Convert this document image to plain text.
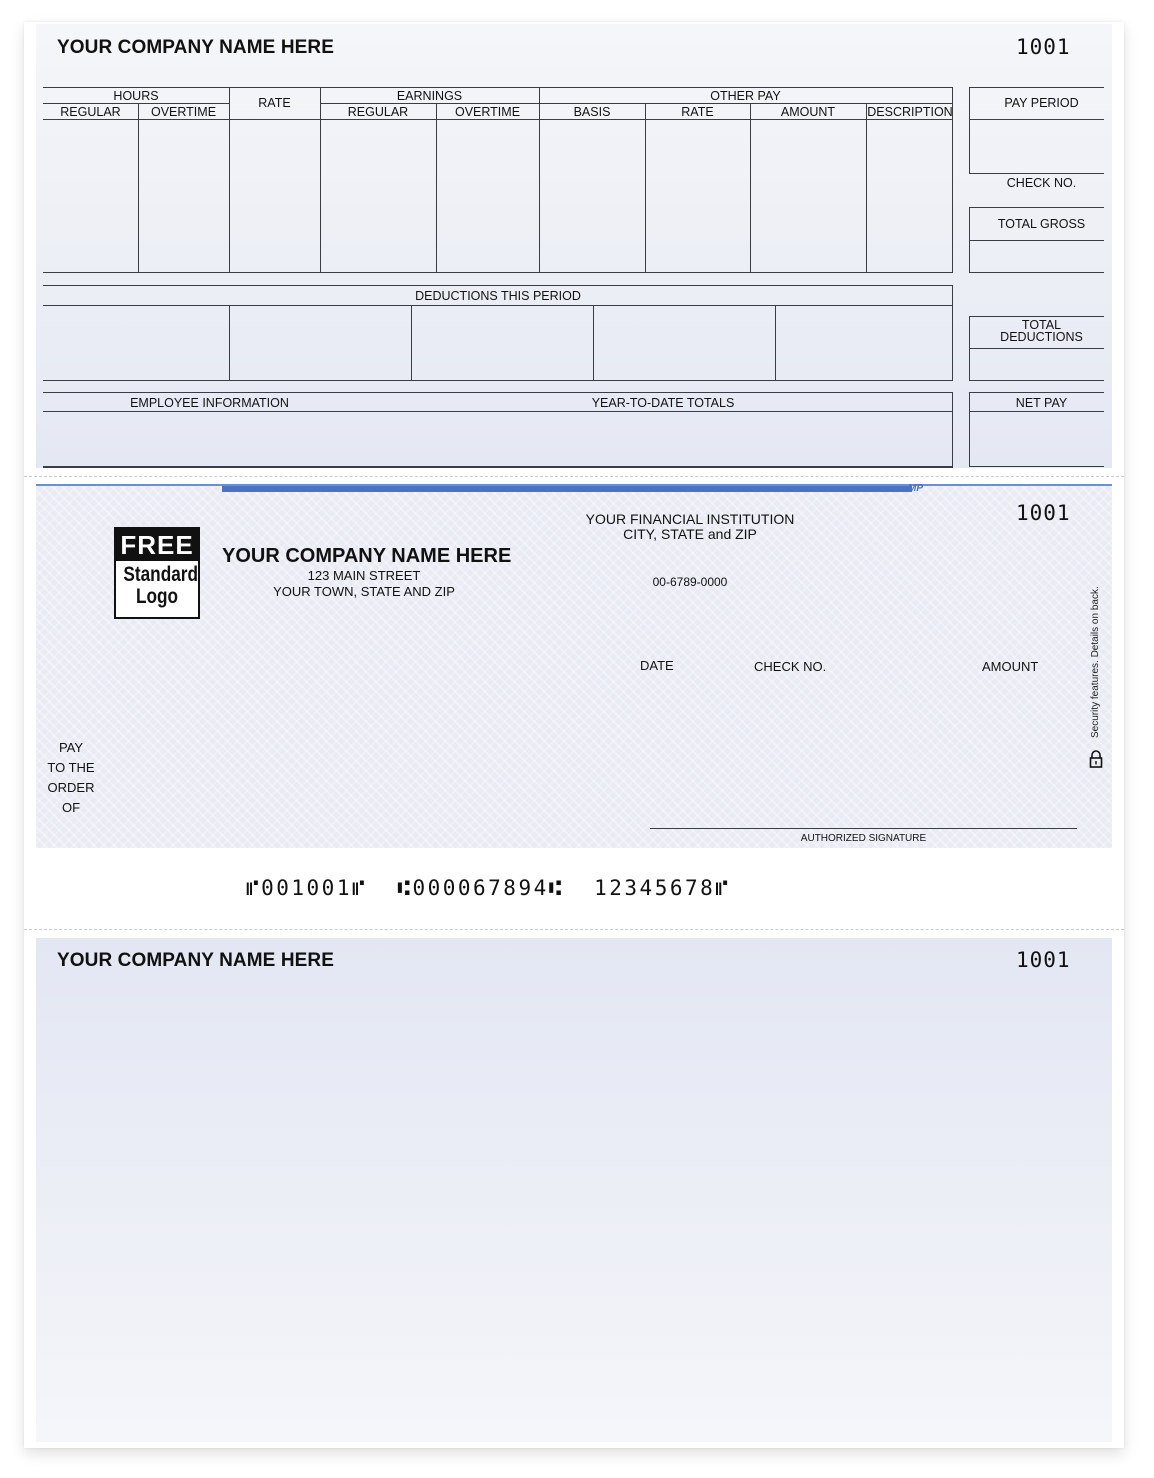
YOUR COMPANY NAME HERE	1001
HOURS	RATE	EARNINGS	OTHER PAY
REGULAR	OVERTIME	REGULAR	OVERTIME	BASIS	RATE	AMOUNT	DESCRIPTION
DEDUCTIONS THIS PERIOD
EMPLOYEE INFORMATION	YEAR-TO-DATE TOTALS
PAY PERIOD
CHECK NO.
TOTAL GROSS
TOTAL
DEDUCTIONS
NET PAY
MP
FREE
Standard
Logo
YOUR COMPANY NAME HERE
123 MAIN STREET
YOUR TOWN, STATE AND ZIP
YOUR FINANCIAL INSTITUTION
CITY, STATE and ZIP
00-6789-0000
1001
DATE	CHECK NO.	AMOUNT	Security features. Details on back.
PAY
TO THE
ORDER
OF
AUTHORIZED SIGNATURE
⑈001001⑈  ⑆000067894⑆  12345678⑈
YOUR COMPANY NAME HERE	1001
